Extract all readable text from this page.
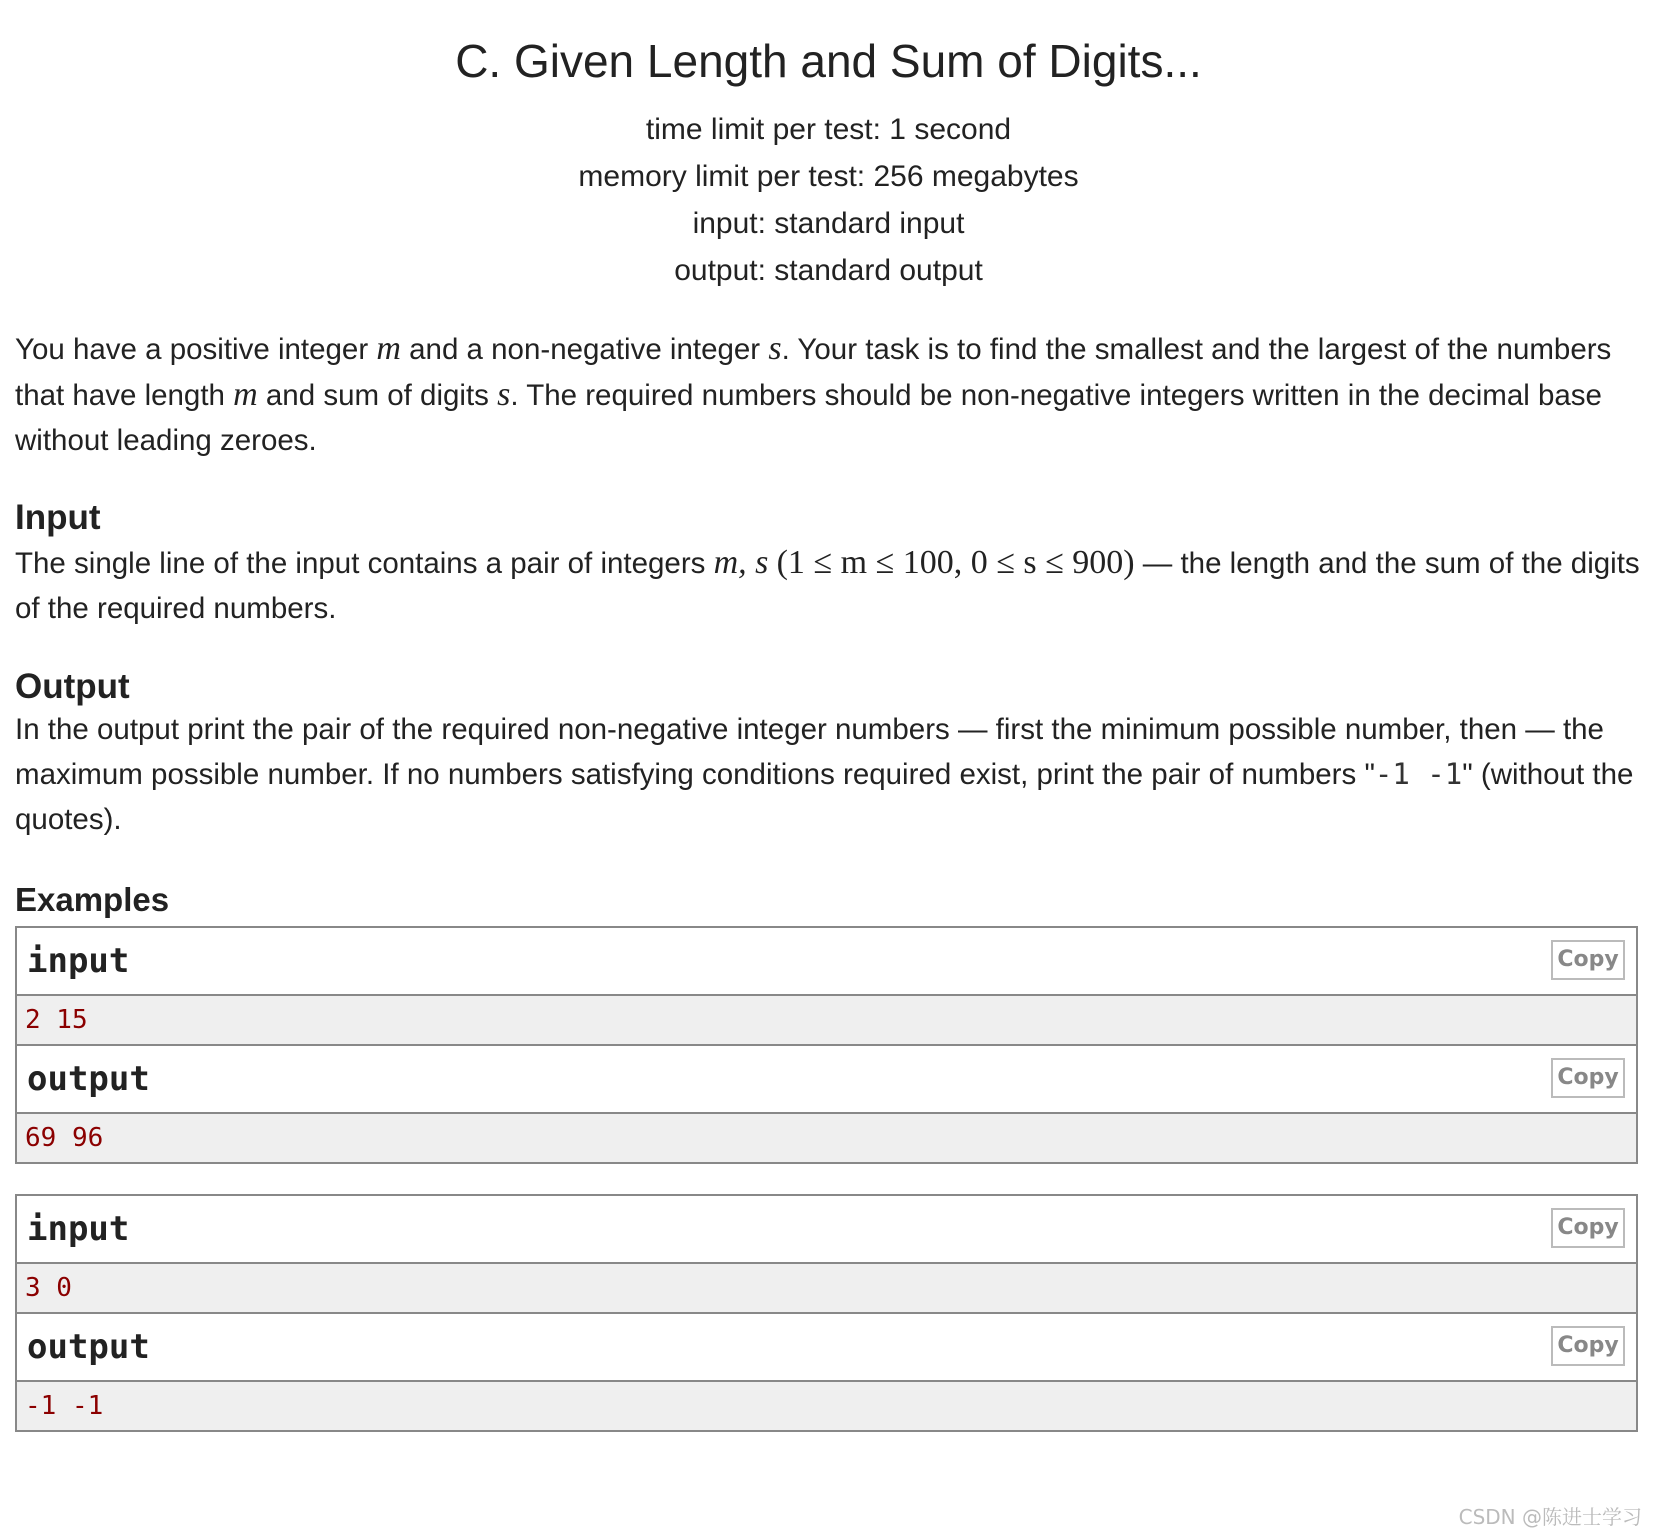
C. Given Length and Sum of Digits...
time limit per test: 1 second
memory limit per test: 256 megabytes
input: standard input
output: standard output

You have a positive integer m and a non-negative integer s. Your task is to find the smallest and the largest of the numbers that have length m and sum of digits s. The required numbers should be non-negative integers written in the decimal base without leading zeroes.

Input

The single line of the input contains a pair of integers m, s (1 ≤ m ≤ 100, 0 ≤ s ≤ 900) — the length and the sum of the digits of the required numbers.

Output

In the output print the pair of the required non-negative integer numbers — first the minimum possible number, then — the maximum possible number. If no numbers satisfying conditions required exist, print the pair of numbers "-1 -1" (without the quotes).

Examples
input	Copy
2 15
output	Copy
69 96
input	Copy
3 0
output	Copy
-1 -1
CSDN @陈进士学习
